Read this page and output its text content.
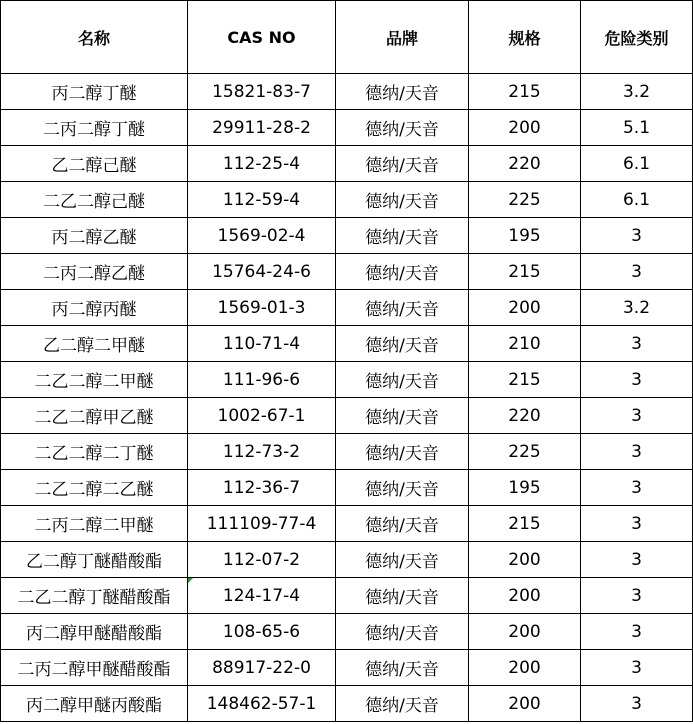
名称	CAS NO	品牌	规格	危险类别
丙二醇丁醚	15821-83-7	德纳/天音	215	3.2
二丙二醇丁醚	29911-28-2	德纳/天音	200	5.1
乙二醇己醚	112-25-4	德纳/天音	220	6.1
二乙二醇己醚	112-59-4	德纳/天音	225	6.1
丙二醇乙醚	1569-02-4	德纳/天音	195	3
二丙二醇乙醚	15764-24-6	德纳/天音	215	3
丙二醇丙醚	1569-01-3	德纳/天音	200	3.2
乙二醇二甲醚	110-71-4	德纳/天音	210	3
二乙二醇二甲醚	111-96-6	德纳/天音	215	3
二乙二醇甲乙醚	1002-67-1	德纳/天音	220	3
二乙二醇二丁醚	112-73-2	德纳/天音	225	3
二乙二醇二乙醚	112-36-7	德纳/天音	195	3
二丙二醇二甲醚	111109-77-4	德纳/天音	215	3
乙二醇丁醚醋酸酯	112-07-2	德纳/天音	200	3
二乙二醇丁醚醋酸酯	124-17-4	德纳/天音	200	3
丙二醇甲醚醋酸酯	108-65-6	德纳/天音	200	3
二丙二醇甲醚醋酸酯	88917-22-0	德纳/天音	200	3
丙二醇甲醚丙酸酯	148462-57-1	德纳/天音	200	3
